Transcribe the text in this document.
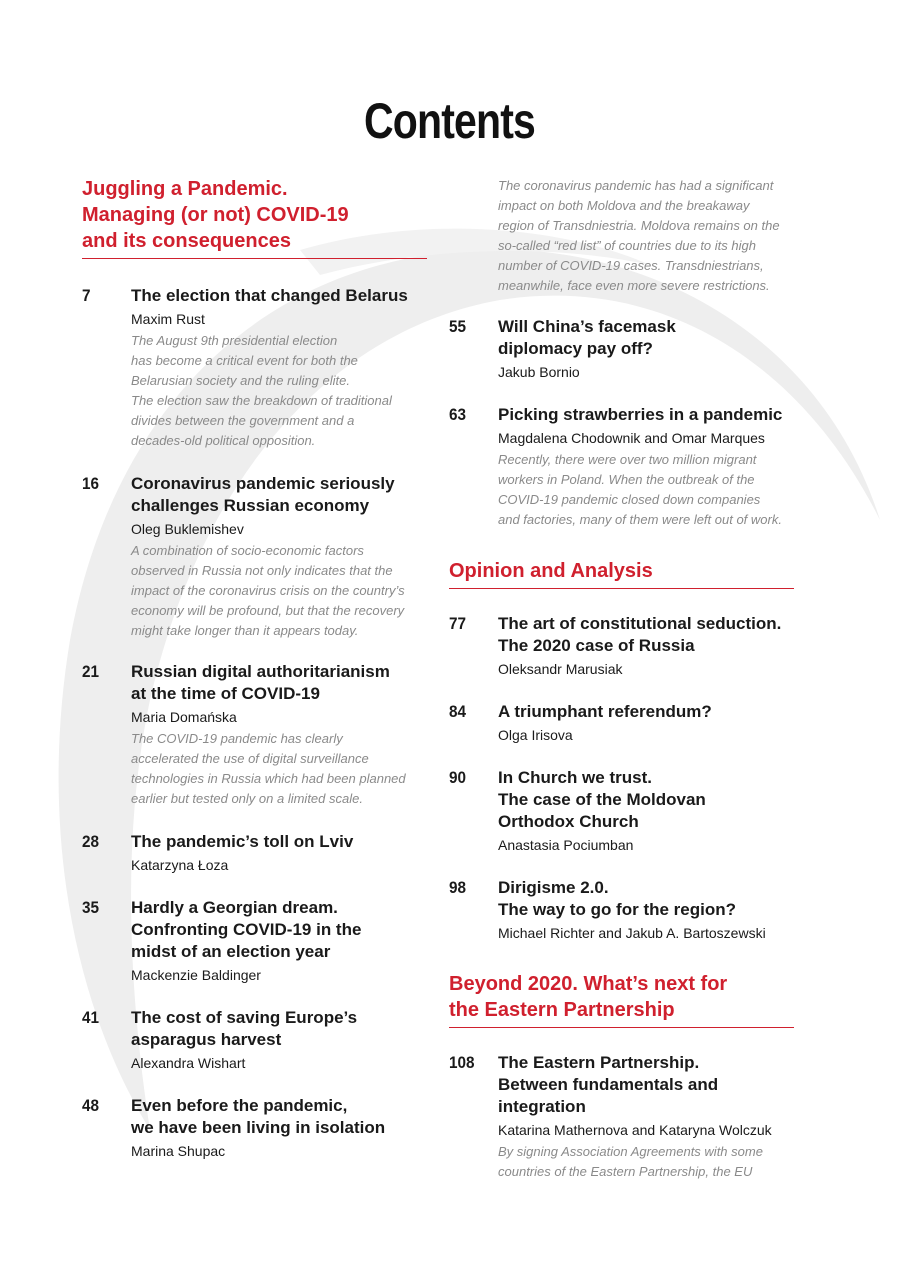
Contents
Juggling a Pandemic.
Managing (or not) COVID-19
and its consequences
7	The election that changed Belarus
Maxim Rust
The August 9th presidential election
has become a critical event for both the
Belarusian society and the ruling elite.
The election saw the breakdown of traditional
divides between the government and a
decades-old political opposition.
16	Coronavirus pandemic seriously
challenges Russian economy
Oleg Buklemishev
A combination of socio-economic factors
observed in Russia not only indicates that the
impact of the coronavirus crisis on the country’s
economy will be profound, but that the recovery
might take longer than it appears today.
21	Russian digital authoritarianism
at the time of COVID-19
Maria Domańska
The COVID-19 pandemic has clearly
accelerated the use of digital surveillance
technologies in Russia which had been planned
earlier but tested only on a limited scale.
28	The pandemic’s toll on Lviv
Katarzyna Łoza
35	Hardly a Georgian dream.
Confronting COVID-19 in the
midst of an election year
Mackenzie Baldinger
41	The cost of saving Europe’s
asparagus harvest
Alexandra Wishart
48	Even before the pandemic,
we have been living in isolation
Marina Shupac
The coronavirus pandemic has had a significant
impact on both Moldova and the breakaway
region of Transdniestria. Moldova remains on the
so-called “red list” of countries due to its high
number of COVID-19 cases. Transdniestrians,
meanwhile, face even more severe restrictions.
55	Will China’s facemask
diplomacy pay off?
Jakub Bornio
63	Picking strawberries in a pandemic
Magdalena Chodownik and Omar Marques
Recently, there were over two million migrant
workers in Poland. When the outbreak of the
COVID-19 pandemic closed down companies
and factories, many of them were left out of work.
Opinion and Analysis
77	The art of constitutional seduction.
The 2020 case of Russia
Oleksandr Marusiak
84	A triumphant referendum?
Olga Irisova
90	In Church we trust.
The case of the Moldovan
Orthodox Church
Anastasia Pociumban
98	Dirigisme 2.0.
The way to go for the region?
Michael Richter and Jakub A. Bartoszewski
Beyond 2020. What’s next for
the Eastern Partnership
108	The Eastern Partnership.
Between fundamentals and integration
Katarina Mathernova and Kataryna Wolczuk
By signing Association Agreements with some
countries of the Eastern Partnership, the EU
